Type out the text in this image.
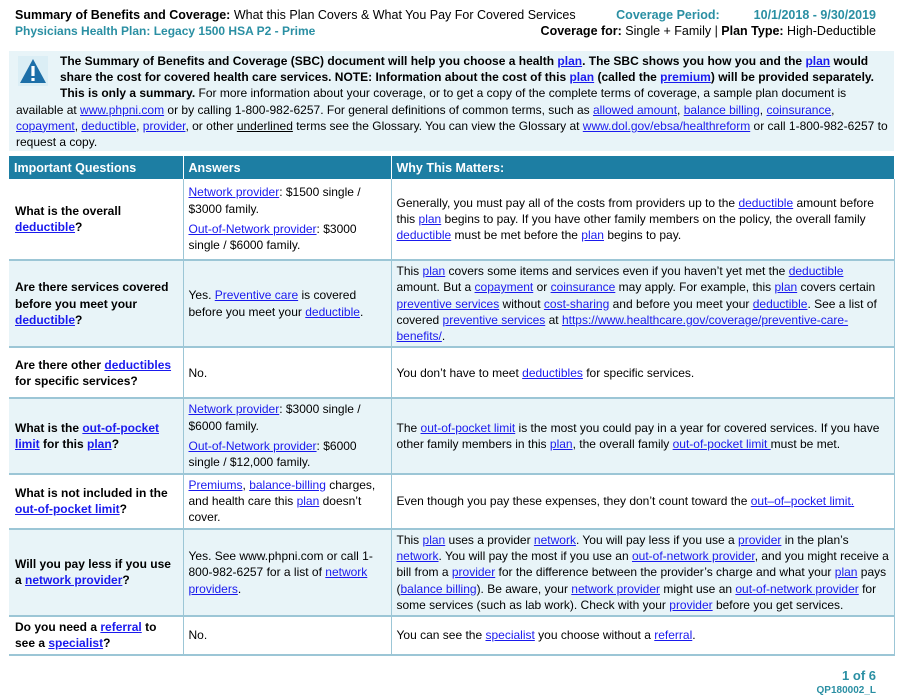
Summary of Benefits and Coverage: What this Plan Covers & What You Pay For Covered Services	Coverage Period:	10/1/2018 - 9/30/2019
Physicians Health Plan: Legacy 1500 HSA P2 - Prime	Coverage for: Single + Family | Plan Type: High-Deductible
The Summary of Benefits and Coverage (SBC) document will help you choose a health plan. The SBC shows you how you and the plan would share the cost for covered health care services. NOTE: Information about the cost of this plan (called the premium) will be provided separately.
This is only a summary. For more information about your coverage, or to get a copy of the complete terms of coverage, a sample plan document is available at www.phpni.com or by calling 1-800-982-6257. For general definitions of common terms, such as allowed amount, balance billing, coinsurance, copayment, deductible, provider, or other underlined terms see the Glossary. You can view the Glossary at www.dol.gov/ebsa/healthreform or call 1-800-982-6257 to request a copy.
Important Questions	Answers	Why This Matters:
What is the overall deductible?	Network provider: $1500 single / $3000 family.
Out-of-Network provider: $3000 single / $6000 family.	Generally, you must pay all of the costs from providers up to the deductible amount before this plan begins to pay. If you have other family members on the policy, the overall family deductible must be met before the plan begins to pay.
Are there services covered before you meet your deductible?	Yes. Preventive care is covered before you meet your deductible.	This plan covers some items and services even if you haven’t yet met the deductible amount. But a copayment or coinsurance may apply. For example, this plan covers certain preventive services without cost-sharing and before you meet your deductible. See a list of covered preventive services at https://www.healthcare.gov/coverage/preventive-care-benefits/.
Are there other deductibles for specific services?	No.	You don’t have to meet deductibles for specific services.
What is the out-of-pocket limit for this plan?	Network provider: $3000 single / $6000 family.
Out-of-Network provider: $6000 single / $12,000 family.	The out-of-pocket limit is the most you could pay in a year for covered services. If you have other family members in this plan, the overall family out-of-pocket limit must be met.
What is not included in the out-of-pocket limit?	Premiums, balance-billing charges, and health care this plan doesn’t cover.	Even though you pay these expenses, they don’t count toward the out–of–pocket limit.
Will you pay less if you use a network provider?	Yes. See www.phpni.com or call 1-800-982-6257 for a list of network providers.	This plan uses a provider network. You will pay less if you use a provider in the plan’s network. You will pay the most if you use an out-of-network provider, and you might receive a bill from a provider for the difference between the provider’s charge and what your plan pays (balance billing). Be aware, your network provider might use an out-of-network provider for some services (such as lab work). Check with your provider before you get services.
Do you need a referral to see a specialist?	No.	You can see the specialist you choose without a referral.
1 of 6
QP180002_L
